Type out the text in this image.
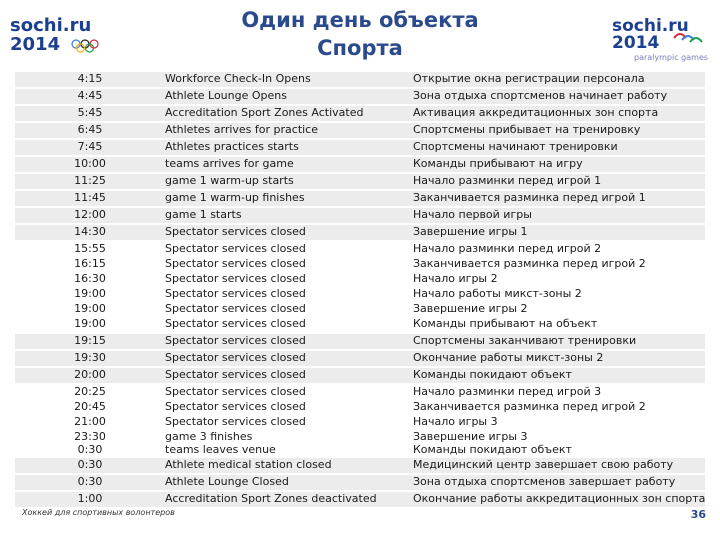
sochi.ru
2014
Один день объекта
Спорта
sochi.ru
2014
paralympic games
4:15	Workforce Check-In Opens	Открытие окна регистрации персонала
4:45	Athlete Lounge Opens	Зона отдыха спортсменов начинает работу
5:45	Accreditation Sport Zones Activated	Активация аккредитационных зон спорта
6:45	Athletes arrives for practice	Спортсмены прибывает на тренировку
7:45	Athletes practices starts	Спортсмены начинают тренировки
10:00	teams arrives for game	Команды прибывают на игру
11:25	game 1 warm-up starts	Начало разминки перед игрой 1
11:45	game 1 warm-up finishes	Заканчивается разминка перед игрой 1
12:00	game 1 starts	Начало первой игры
14:30	Spectator services closed	Завершение игры 1
15:55	Spectator services closed	Начало разминки перед игрой 2
16:15	Spectator services closed	Заканчивается разминка перед игрой 2
16:30	Spectator services closed	Начало игры 2
19:00	Spectator services closed	Начало работы микст-зоны 2
19:00	Spectator services closed	Завершение игры 2
19:00	Spectator services closed	Команды прибывают на объект
19:15	Spectator services closed	Спортсмены заканчивают тренировки
19:30	Spectator services closed	Окончание работы микст-зоны 2
20:00	Spectator services closed	Команды покидают объект
20:25	Spectator services closed	Начало разминки перед игрой 3
20:45	Spectator services closed	Заканчивается разминка перед игрой 2
21:00	Spectator services closed	Начало игры 3
23:30	game 3 finishes	Завершение игры 3
0:30	teams leaves venue	Команды покидают объект
0:30	Athlete medical station closed	Медицинский центр завершает свою работу
0:30	Athlete Lounge Closed	Зона отдыха спортсменов завершает работу
1:00	Accreditation Sport Zones deactivated	Окончание работы аккредитационных зон спорта
Хоккей для спортивных волонтеров	36
